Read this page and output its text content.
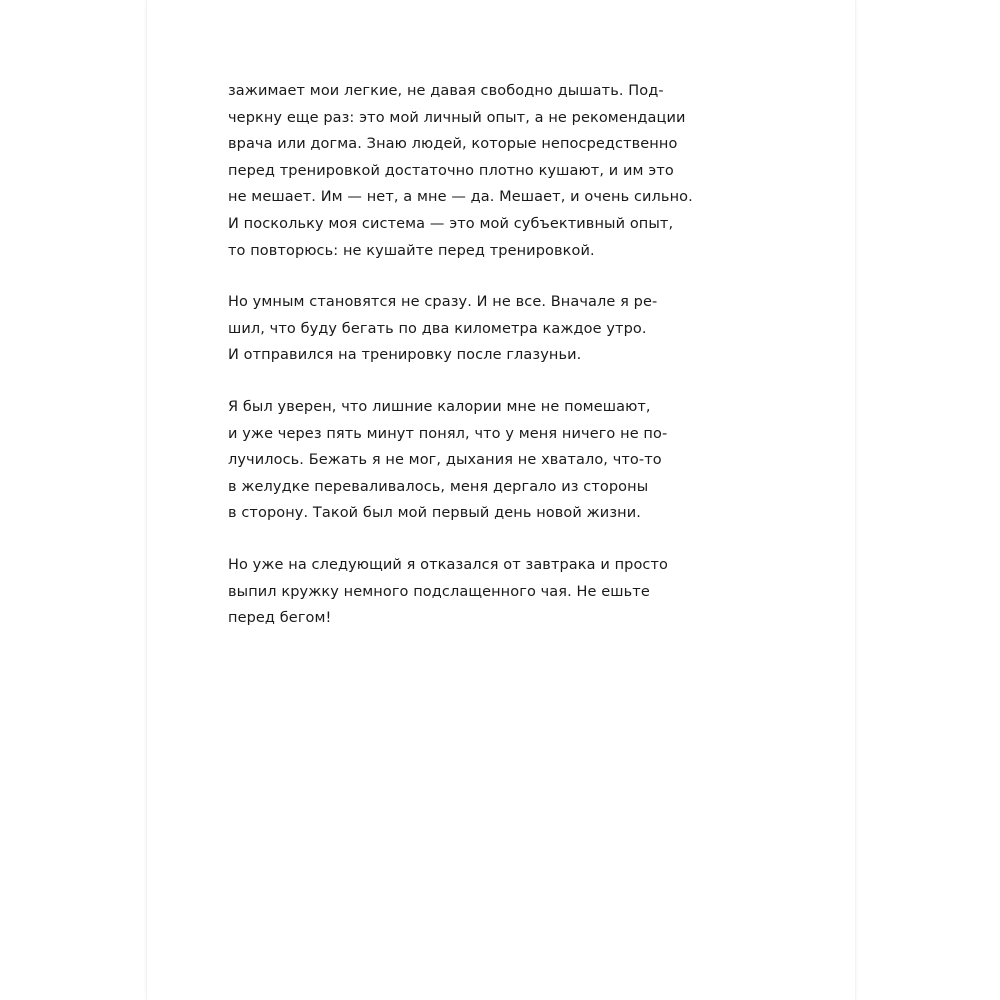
зажимает мои легкие, не давая свободно дышать. Под-
черкну еще раз: это мой личный опыт, а не рекомендации
врача или догма. Знаю людей, которые непосредственно
перед тренировкой достаточно плотно кушают, и им это
не мешает. Им — нет, а мне — да. Мешает, и очень сильно.
И поскольку моя система — это мой субъективный опыт,
то повторюсь: не кушайте перед тренировкой.

Но умным становятся не сразу. И не все. Вначале я ре-
шил, что буду бегать по два километра каждое утро.
И отправился на тренировку после глазуньи.

Я был уверен, что лишние калории мне не помешают,
и уже через пять минут понял, что у меня ничего не по-
лучилось. Бежать я не мог, дыхания не хватало, что-то
в желудке переваливалось, меня дергало из стороны
в сторону. Такой был мой первый день новой жизни.

Но уже на следующий я отказался от завтрака и просто
выпил кружку немного подслащенного чая. Не ешьте
перед бегом!
